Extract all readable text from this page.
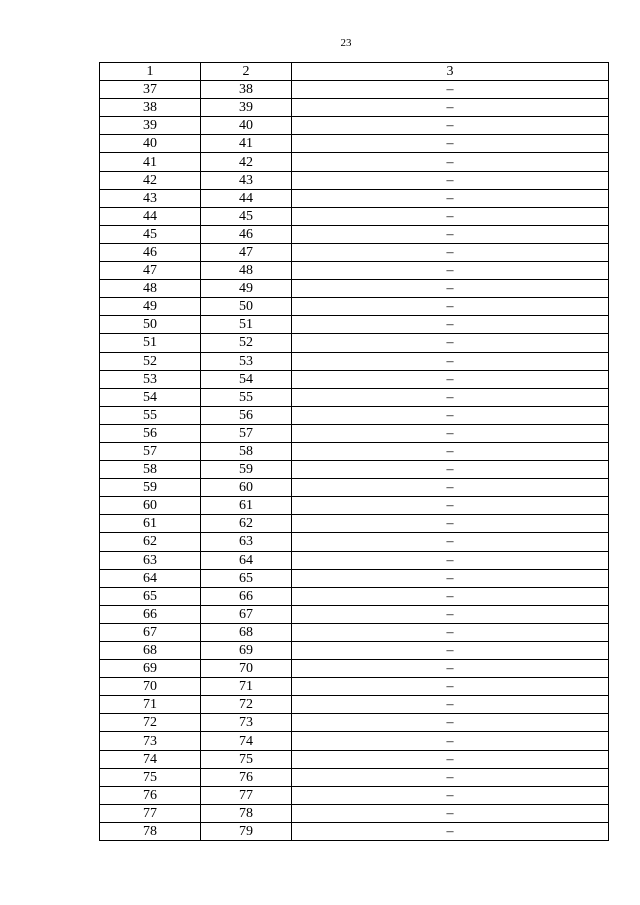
23
1	2	3
37	38	–
38	39	–
39	40	–
40	41	–
41	42	–
42	43	–
43	44	–
44	45	–
45	46	–
46	47	–
47	48	–
48	49	–
49	50	–
50	51	–
51	52	–
52	53	–
53	54	–
54	55	–
55	56	–
56	57	–
57	58	–
58	59	–
59	60	–
60	61	–
61	62	–
62	63	–
63	64	–
64	65	–
65	66	–
66	67	–
67	68	–
68	69	–
69	70	–
70	71	–
71	72	–
72	73	–
73	74	–
74	75	–
75	76	–
76	77	–
77	78	–
78	79	–
